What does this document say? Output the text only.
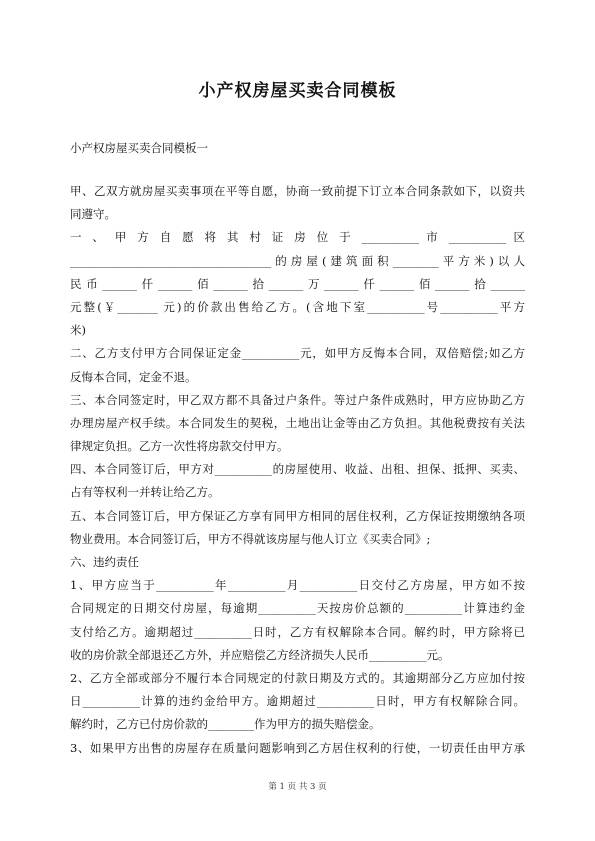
小产权房屋买卖合同模板
小产权房屋买卖合同模板一
甲、乙双方就房屋买卖事项在平等自愿，协商一致前提下订立本合同条款如下，以资共
同遵守。
一 、 甲 方 自 愿 将 其 村 证 房 位 于 __________ 市 __________ 区
___________________________________的房屋(建筑面积________平方米)以人
民币______仟______佰______拾______万______仟______佰______拾______
元整(￥_______ 元)的价款出售给乙方。(含地下室__________号__________平方
米)
二、乙方支付甲方合同保证定金__________元，如甲方反悔本合同，双倍赔偿;如乙方
反悔本合同，定金不退。
三、本合同签定时，甲乙双方都不具备过户条件。等过户条件成熟时，甲方应协助乙方
办理房屋产权手续。本合同发生的契税，土地出让金等由乙方负担。其他税费按有关法
律规定负担。乙方一次性将房款交付甲方。
四、本合同签订后，甲方对__________的房屋使用、收益、出租、担保、抵押、买卖、
占有等权利一并转让给乙方。
五、本合同签订后，甲方保证乙方享有同甲方相同的居住权利，乙方保证按期缴纳各项
物业费用。本合同签订后，甲方不得就该房屋与他人订立《买卖合同》;
六、违约责任
1、甲方应当于__________年__________月__________日交付乙方房屋，甲方如不按
合同规定的日期交付房屋，每逾期__________天按房价总额的__________计算违约金
支付给乙方。逾期超过__________日时，乙方有权解除本合同。解约时，甲方除将已
收的房价款全部退还乙方外，并应赔偿乙方经济损失人民币__________元。
2、乙方全部或部分不履行本合同规定的付款日期及方式的。其逾期部分乙方应加付按
日__________计算的违约金给甲方。逾期超过__________日时，甲方有权解除合同。
解约时，乙方已付房价款的________作为甲方的损失赔偿金。
3、如果甲方出售的房屋存在质量问题影响到乙方居住权利的行使，一切责任由甲方承
第 1 页 共 3 页
